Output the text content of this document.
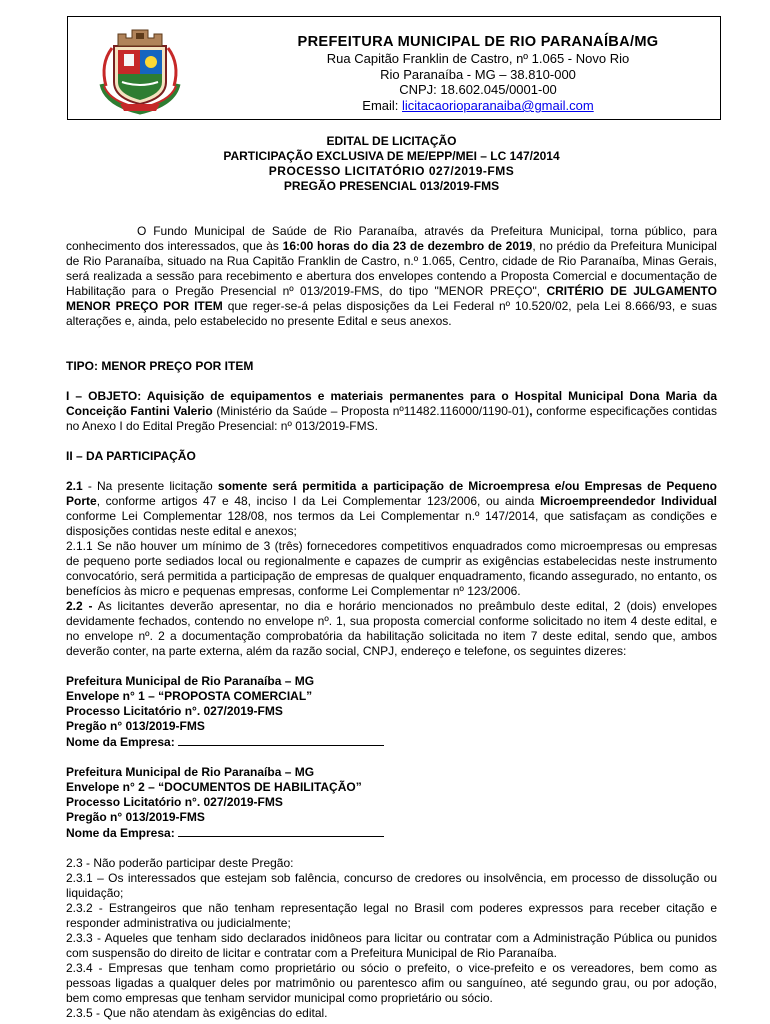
PREFEITURA MUNICIPAL DE RIO PARANAÍBA/MG
Rua Capitão Franklin de Castro, nº 1.065 - Novo Rio
Rio Paranaíba - MG – 38.810-000
CNPJ: 18.602.045/0001-00
Email: licitacaorioparanaiba@gmail.com
EDITAL DE LICITAÇÃO
PARTICIPAÇÃO EXCLUSIVA DE ME/EPP/MEI – LC 147/2014
PROCESSO LICITATÓRIO 027/2019-FMS
PREGÃO PRESENCIAL 013/2019-FMS

O Fundo Municipal de Saúde de Rio Paranaíba, através da Prefeitura Municipal, torna público, para conhecimento dos interessados, que às 16:00 horas do dia 23 de dezembro de 2019, no prédio da Prefeitura Municipal de Rio Paranaíba, situado na Rua Capitão Franklin de Castro, n.º 1.065, Centro, cidade de Rio Paranaíba, Minas Gerais, será realizada a sessão para recebimento e abertura dos envelopes contendo a Proposta Comercial e documentação de Habilitação para o Pregão Presencial nº 013/2019-FMS, do tipo "MENOR PREÇO", CRITÉRIO DE JULGAMENTO MENOR PREÇO POR ITEM que reger-se-á pelas disposições da Lei Federal nº 10.520/02, pela Lei 8.666/93, e suas alterações e, ainda, pelo estabelecido no presente Edital e seus anexos.

TIPO: MENOR PREÇO POR ITEM

I – OBJETO: Aquisição de equipamentos e materiais permanentes para o Hospital Municipal Dona Maria da Conceição Fantini Valerio (Ministério da Saúde – Proposta nº11482.116000/1190-01), conforme especificações contidas no Anexo I do Edital Pregão Presencial: nº 013/2019-FMS.

II – DA PARTICIPAÇÃO

2.1 - Na presente licitação somente será permitida a participação de Microempresa e/ou Empresas de Pequeno Porte, conforme artigos 47 e 48, inciso I da Lei Complementar 123/2006, ou ainda Microempreendedor Individual conforme Lei Complementar 128/08, nos termos da Lei Complementar n.º 147/2014, que satisfaçam as condições e disposições contidas neste edital e anexos;

2.1.1 Se não houver um mínimo de 3 (três) fornecedores competitivos enquadrados como microempresas ou empresas de pequeno porte sediados local ou regionalmente e capazes de cumprir as exigências estabelecidas neste instrumento convocatório, será permitida a participação de empresas de qualquer enquadramento, ficando assegurado, no entanto, os benefícios às micro e pequenas empresas, conforme Lei Complementar nº 123/2006.

2.2 - As licitantes deverão apresentar, no dia e horário mencionados no preâmbulo deste edital, 2 (dois) envelopes devidamente fechados, contendo no envelope nº. 1, sua proposta comercial conforme solicitado no item 4 deste edital, e no envelope nº. 2 a documentação comprobatória da habilitação solicitada no item 7 deste edital, sendo que, ambos deverão conter, na parte externa, além da razão social, CNPJ, endereço e telefone, os seguintes dizeres:

Prefeitura Municipal de Rio Paranaíba – MG
Envelope n° 1 – “PROPOSTA COMERCIAL”
Processo Licitatório n°. 027/2019-FMS
Pregão n° 013/2019-FMS
Nome da Empresa:
Prefeitura Municipal de Rio Paranaíba – MG
Envelope n° 2 – “DOCUMENTOS DE HABILITAÇÃO”
Processo Licitatório n°. 027/2019-FMS
Pregão n° 013/2019-FMS
Nome da Empresa:

2.3 - Não poderão participar deste Pregão:

2.3.1 – Os interessados que estejam sob falência, concurso de credores ou insolvência, em processo de dissolução ou liquidação;

2.3.2 - Estrangeiros que não tenham representação legal no Brasil com poderes expressos para receber citação e responder administrativa ou judicialmente;

2.3.3 - Aqueles que tenham sido declarados inidôneos para licitar ou contratar com a Administração Pública ou punidos com suspensão do direito de licitar e contratar com a Prefeitura Municipal de Rio Paranaíba.

2.3.4 - Empresas que tenham como proprietário ou sócio o prefeito, o vice-prefeito e os vereadores, bem como as pessoas ligadas a qualquer deles por matrimônio ou parentesco afim ou sanguíneo, até segundo grau, ou por adoção, bem como empresas que tenham servidor municipal como proprietário ou sócio.

2.3.5 - Que não atendam às exigências do edital.
